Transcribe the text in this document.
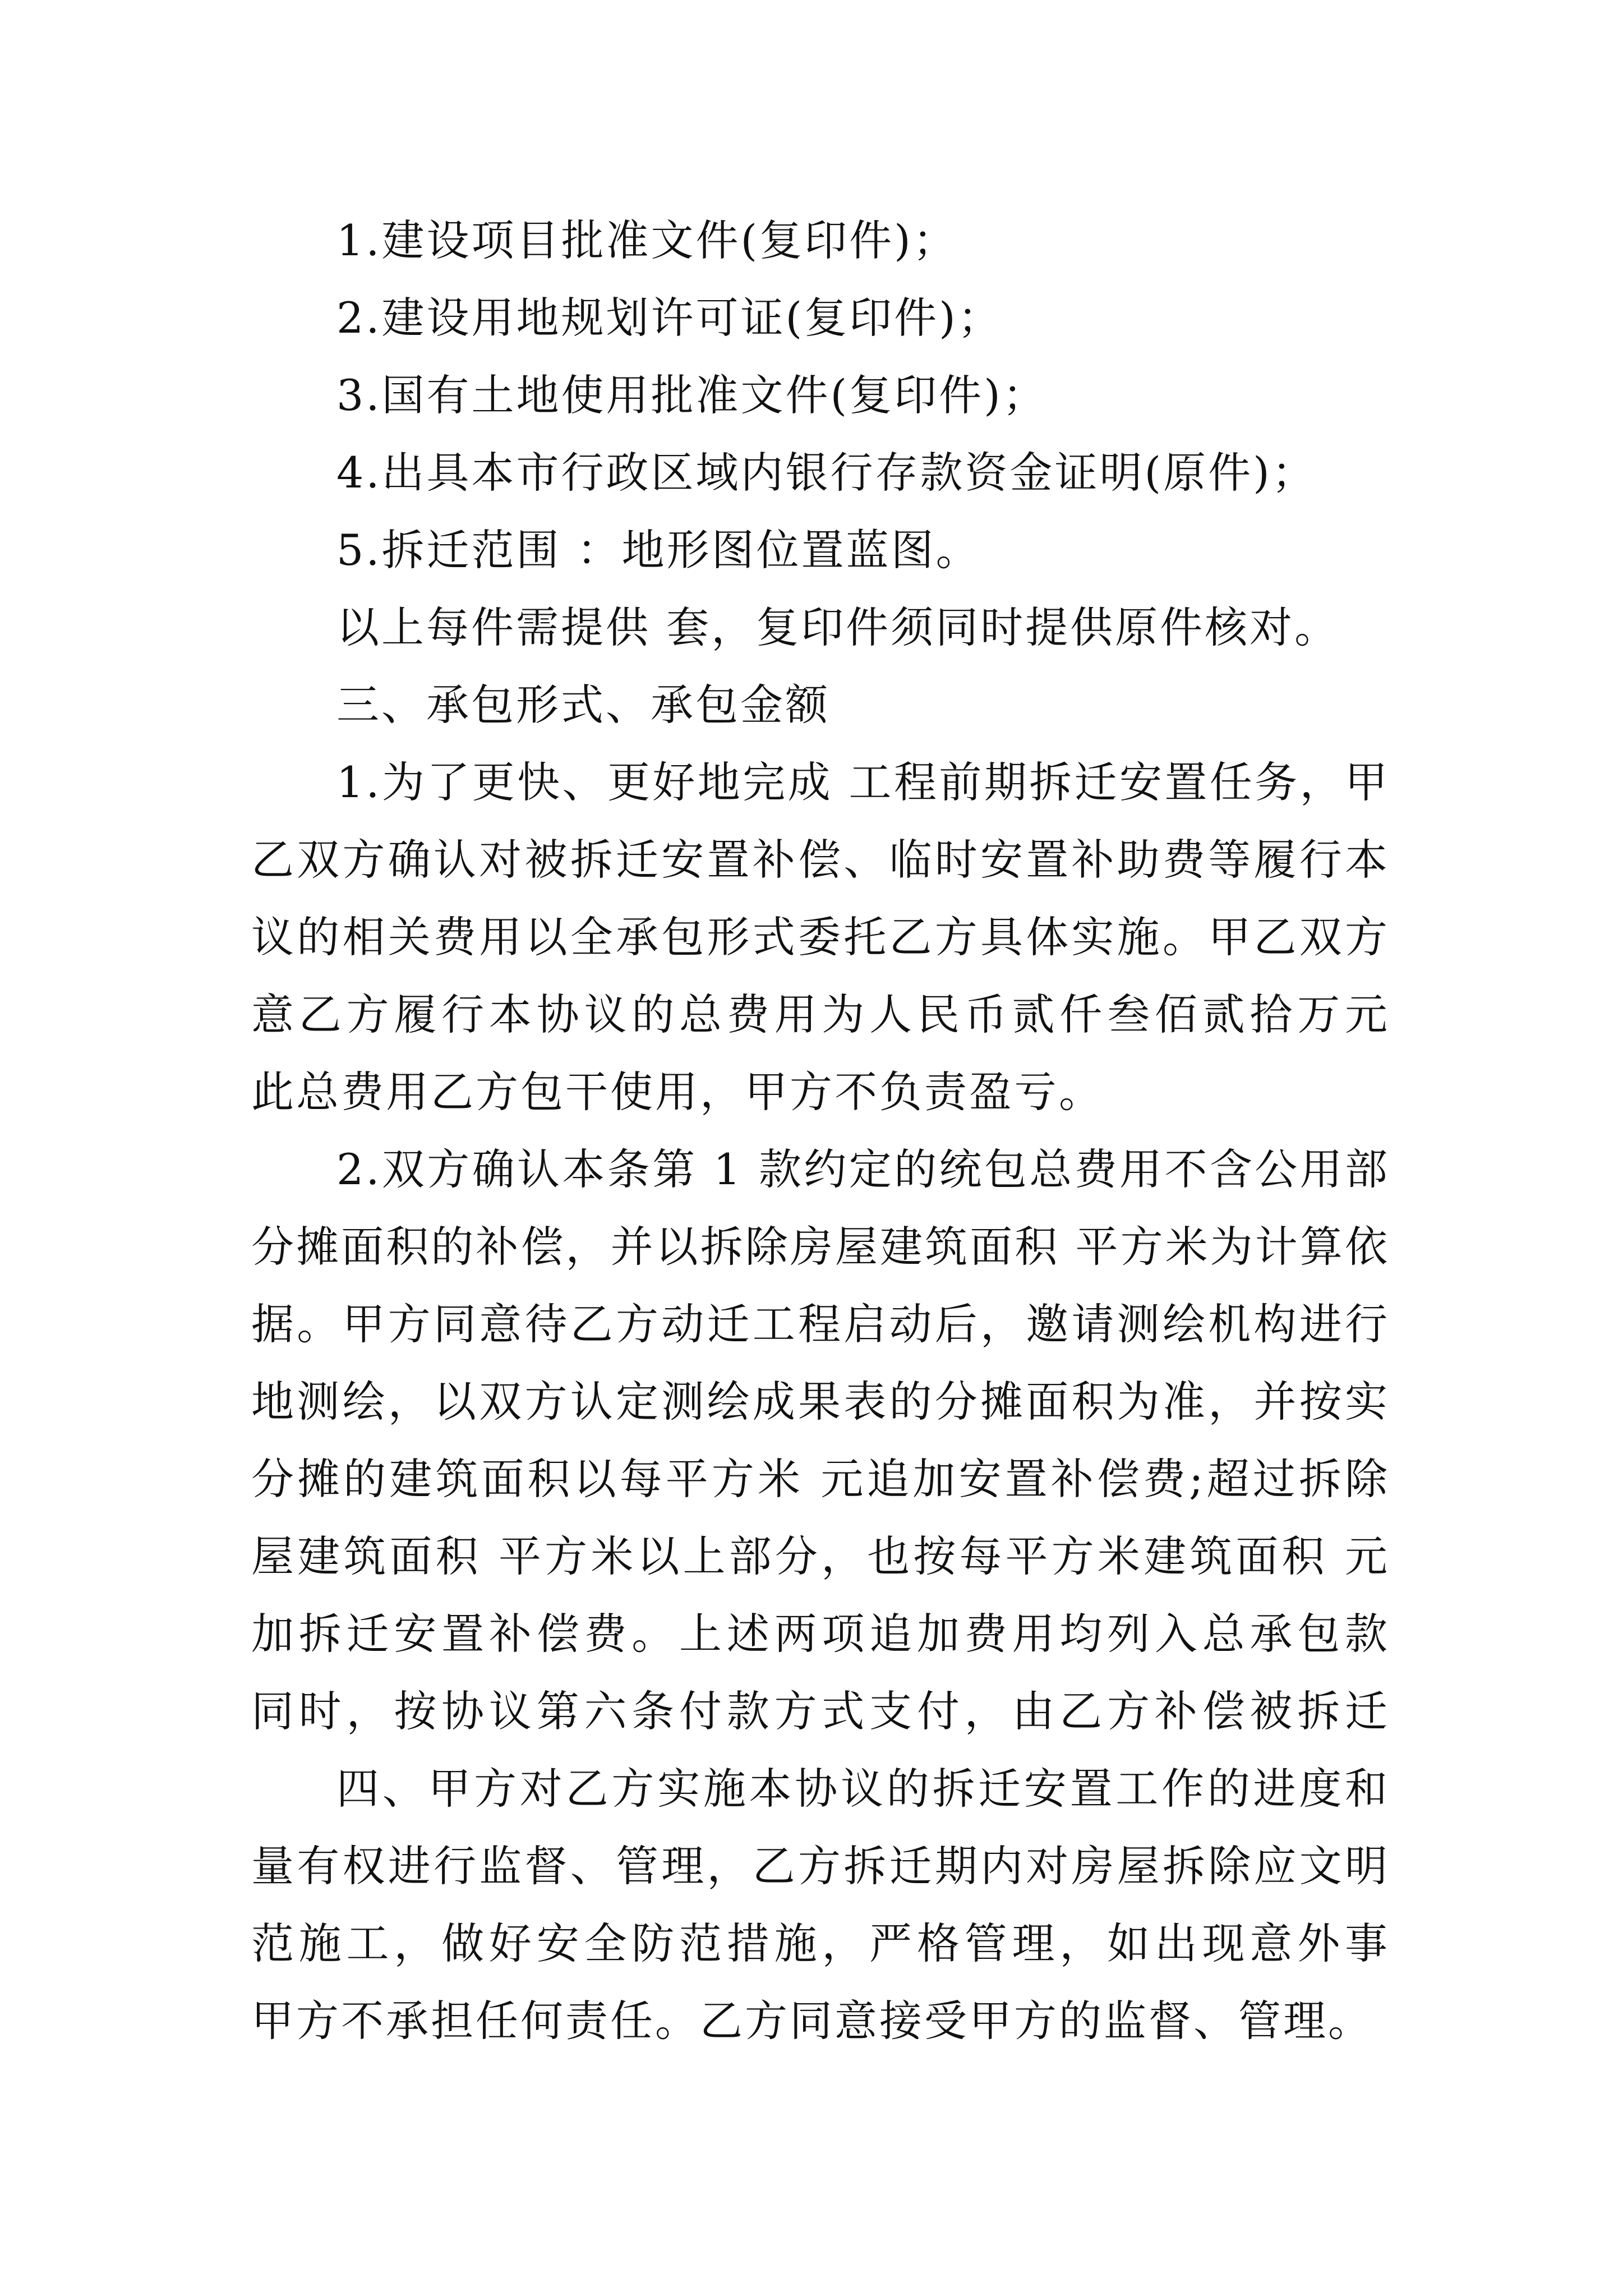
1.建设项目批准文件(复印件)；
2.建设用地规划许可证(复印件)；
3.国有土地使用批准文件(复印件)；
4.出具本市行政区域内银行存款资金证明(原件)；
5.拆迁范围 ：地形图位置蓝图。
以上每件需提供 套，复印件须同时提供原件核对。
三、承包形式、承包金额
1.为了更快、更好地完成 工程前期拆迁安置任务，甲
乙双方确认对被拆迁安置补偿、临时安置补助费等履行本
议的相关费用以全承包形式委托乙方具体实施。甲乙双方
意乙方履行本协议的总费用为人民币贰仟叁佰贰拾万元
此总费用乙方包干使用，甲方不负责盈亏。
2.双方确认本条第 1 款约定的统包总费用不含公用部
分摊面积的补偿，并以拆除房屋建筑面积 平方米为计算依
据。甲方同意待乙方动迁工程启动后，邀请测绘机构进行
地测绘，以双方认定测绘成果表的分摊面积为准，并按实
分摊的建筑面积以每平方米 元追加安置补偿费;超过拆除
屋建筑面积 平方米以上部分，也按每平方米建筑面积 元
加拆迁安置补偿费。上述两项追加费用均列入总承包款
同时，按协议第六条付款方式支付，由乙方补偿被拆迁
四、甲方对乙方实施本协议的拆迁安置工作的进度和
量有权进行监督、管理，乙方拆迁期内对房屋拆除应文明
范施工，做好安全防范措施，严格管理，如出现意外事
甲方不承担任何责任。乙方同意接受甲方的监督、管理。
